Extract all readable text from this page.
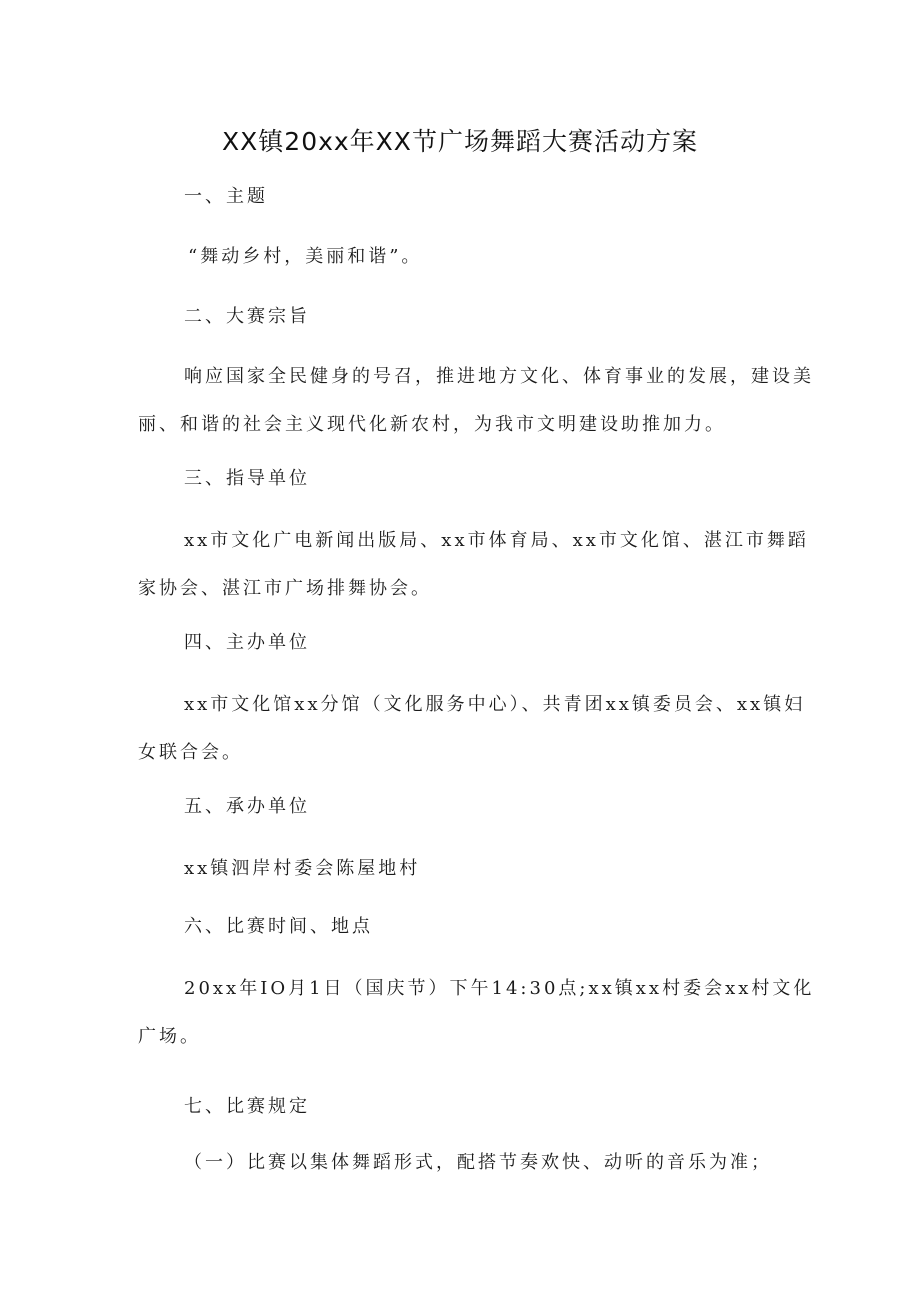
XX镇20xx年XX节广场舞蹈大赛活动方案
一、主题
“舞动乡村，美丽和谐”。
二、大赛宗旨
响应国家全民健身的号召，推进地方文化、体育事业的发展，建设美
丽、和谐的社会主义现代化新农村，为我市文明建设助推加力。
三、指导单位
xx市文化广电新闻出版局、xx市体育局、xx市文化馆、湛江市舞蹈
家协会、湛江市广场排舞协会。
四、主办单位
xx市文化馆xx分馆（文化服务中心）、共青团xx镇委员会、xx镇妇
女联合会。
五、承办单位
xx镇泗岸村委会陈屋地村
六、比赛时间、地点
20xx年IO月1日（国庆节）下午14:30点;xx镇xx村委会xx村文化
广场。
七、比赛规定
（一）比赛以集体舞蹈形式，配搭节奏欢快、动听的音乐为准；
